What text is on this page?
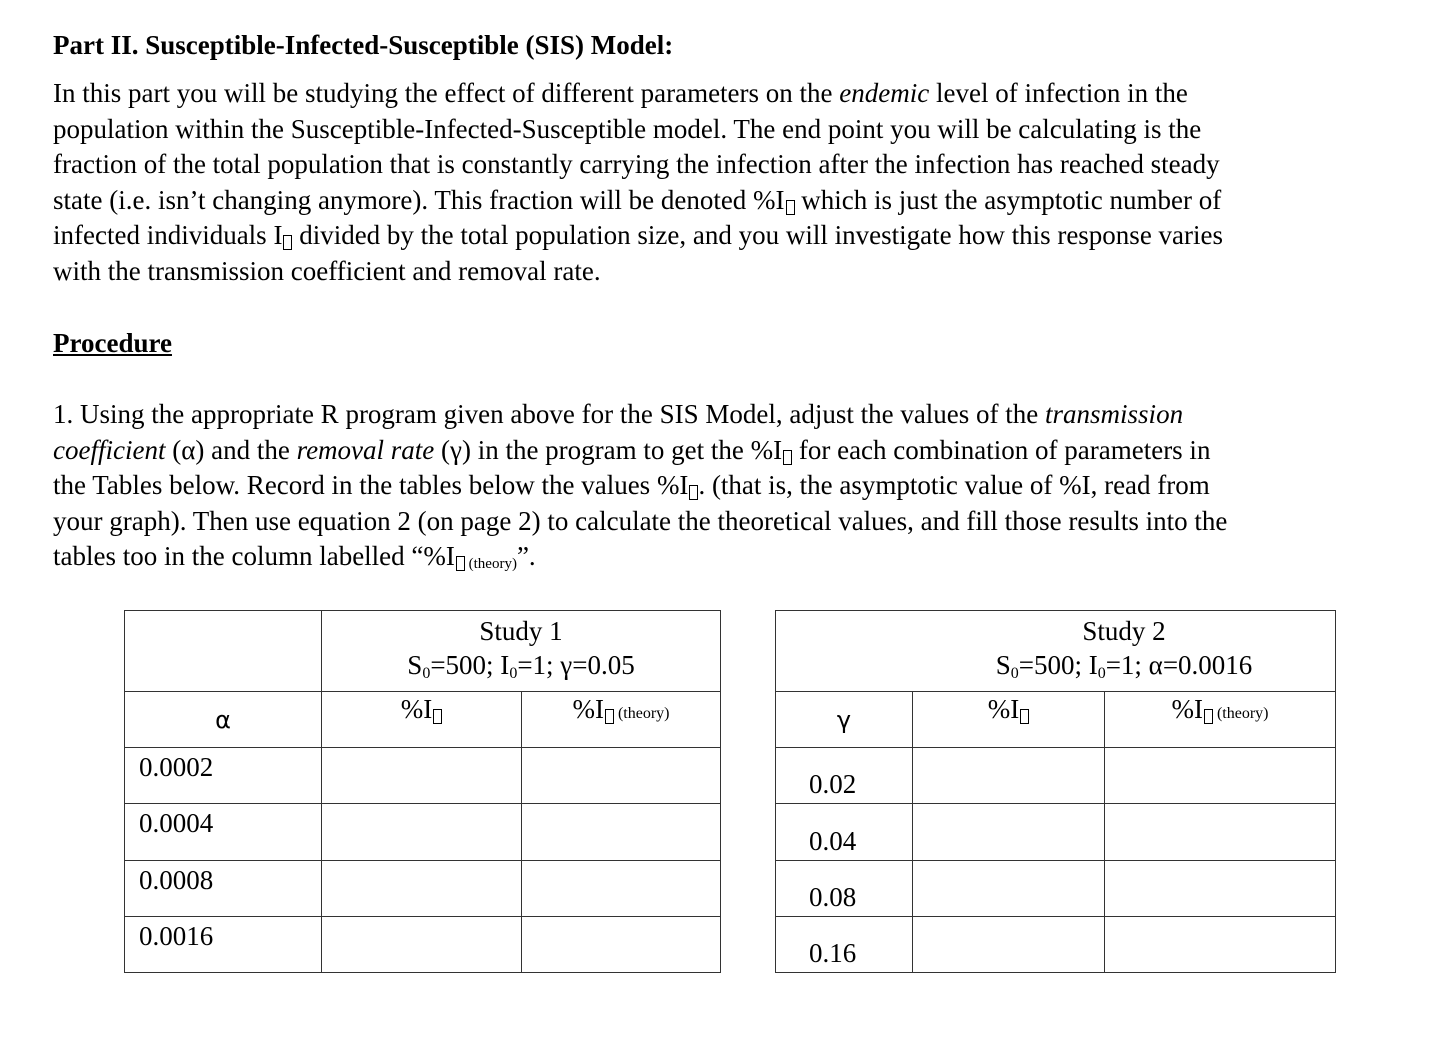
Part II. Susceptible-Infected-Susceptible (SIS) Model:

In this part you will be studying the effect of different parameters on the endemic level of infection in the
population within the Susceptible-Infected-Susceptible model. The end point you will be calculating is the
fraction of the total population that is constantly carrying the infection after the infection has reached steady
state (i.e. isn’t changing anymore). This fraction will be denoted %I which is just the asymptotic number of
infected individuals I divided by the total population size, and you will investigate how this response varies
with the transmission coefficient and removal rate.

Procedure

1. Using the appropriate R program given above for the SIS Model, adjust the values of the transmission
coefficient (α) and the removal rate (γ) in the program to get the %I for each combination of parameters in
the Tables below. Record in the tables below the values %I . (that is, the asymptotic value of %I, read from
your graph). Then use equation 2 (on page 2) to calculate the theoretical values, and fill those results into the
tables too in the column labelled “%I (theory)”.

	Study 1
$S_0=500$; $I_0=1$; γ=0.05	

α	%I	%I (theory)
0.0002		
0.0004		
0.0008		
0.0016		
Study 2
$S_0=500$; $I_0=1$; α=0.0016		

γ	%I	%I (theory)
0.02		
0.04		
0.08		
0.16		
